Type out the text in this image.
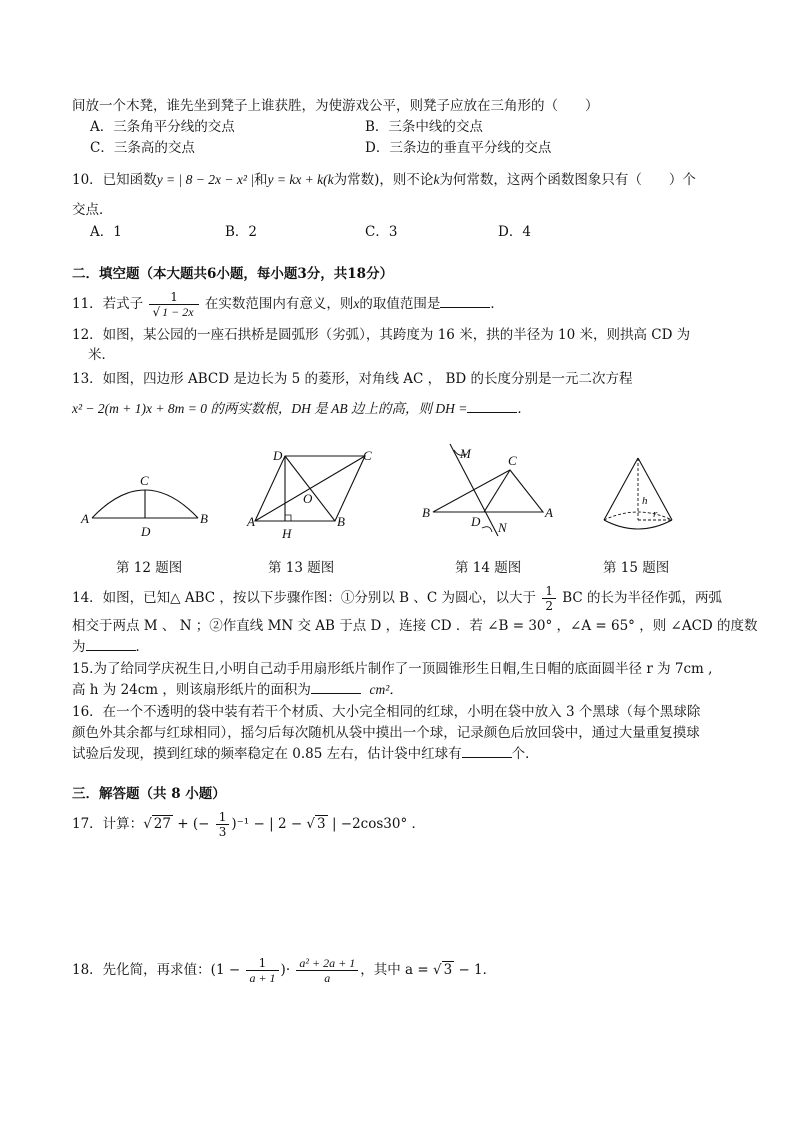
间放一个木凳，谁先坐到凳子上谁获胜，为使游戏公平，则凳子应放在三角形的（　　）
A．三条角平分线的交点	B．三条中线的交点
C．三条高的交点	D．三条边的垂直平分线的交点
10．已知函数y = | 8 − 2x − x² |和y = kx + k(k为常数)，则不论k为何常数，这两个函数图象只有（　　）个
交点．
A．1	B．2	C．3	D．4
二．填空题（本大题共6小题，每小题3分，共18分）
11．若式子 $\frac{1}{√ 1 - 2x}$ 在实数范围内有意义，则x的取值范围是	．
12．如图，某公园的一座石拱桥是圆弧形（劣弧），其跨度为 16 米，拱的半径为 10 米，则拱高 CD 为
米．
13．如图，四边形 ABCD 是边长为 5 的菱形，对角线 AC ， BD 的长度分别是一元二次方程
x² − 2(m + 1)x + 8m = 0 的两实数根，DH 是 AB 边上的高，则 DH =	．
A	B
C
D
第 12 题图
A	B
C
D
H
O
第 13 题图
B	A
C
D
M
N
第 14 题图
h
r
第 15 题图
14．如图，已知△ ABC ，按以下步骤作图：①分别以 B 、C 为圆心，以大于 $\frac{1}{2}$ BC 的长为半径作弧，两弧
相交于两点 M 、 N ；②作直线 MN 交 AB 于点 D ，连接 CD ．若 ∠B = 30° ，∠A = 65° ，则 ∠ACD 的度数
为	．
15.为了给同学庆祝生日,小明自己动手用扇形纸片制作了一顶圆锥形生日帽,生日帽的底面圆半径 r 为 7cm ,
高 h 为 24cm ，则该扇形纸片的面积为	cm²．
16．在一个不透明的袋中装有若干个材质、大小完全相同的红球，小明在袋中放入 3 个黑球（每个黑球除
颜色外其余都与红球相同），摇匀后每次随机从袋中摸出一个球，记录颜色后放回袋中，通过大量重复摸球
试验后发现，摸到红球的频率稳定在 0.85 左右，估计袋中红球有	个．
三．解答题（共 8 小题）
17．计算：√ 27 + (− $\frac{1}{3} )^{-1}$ − | 2 − √ 3 | −2cos30° ．
18．先化简，再求值：($1 - \frac{1}{a + 1}$ )· $\frac{\text{a² + 2a + 1}}{a}$ ，其中 a = √ 3 − 1．
